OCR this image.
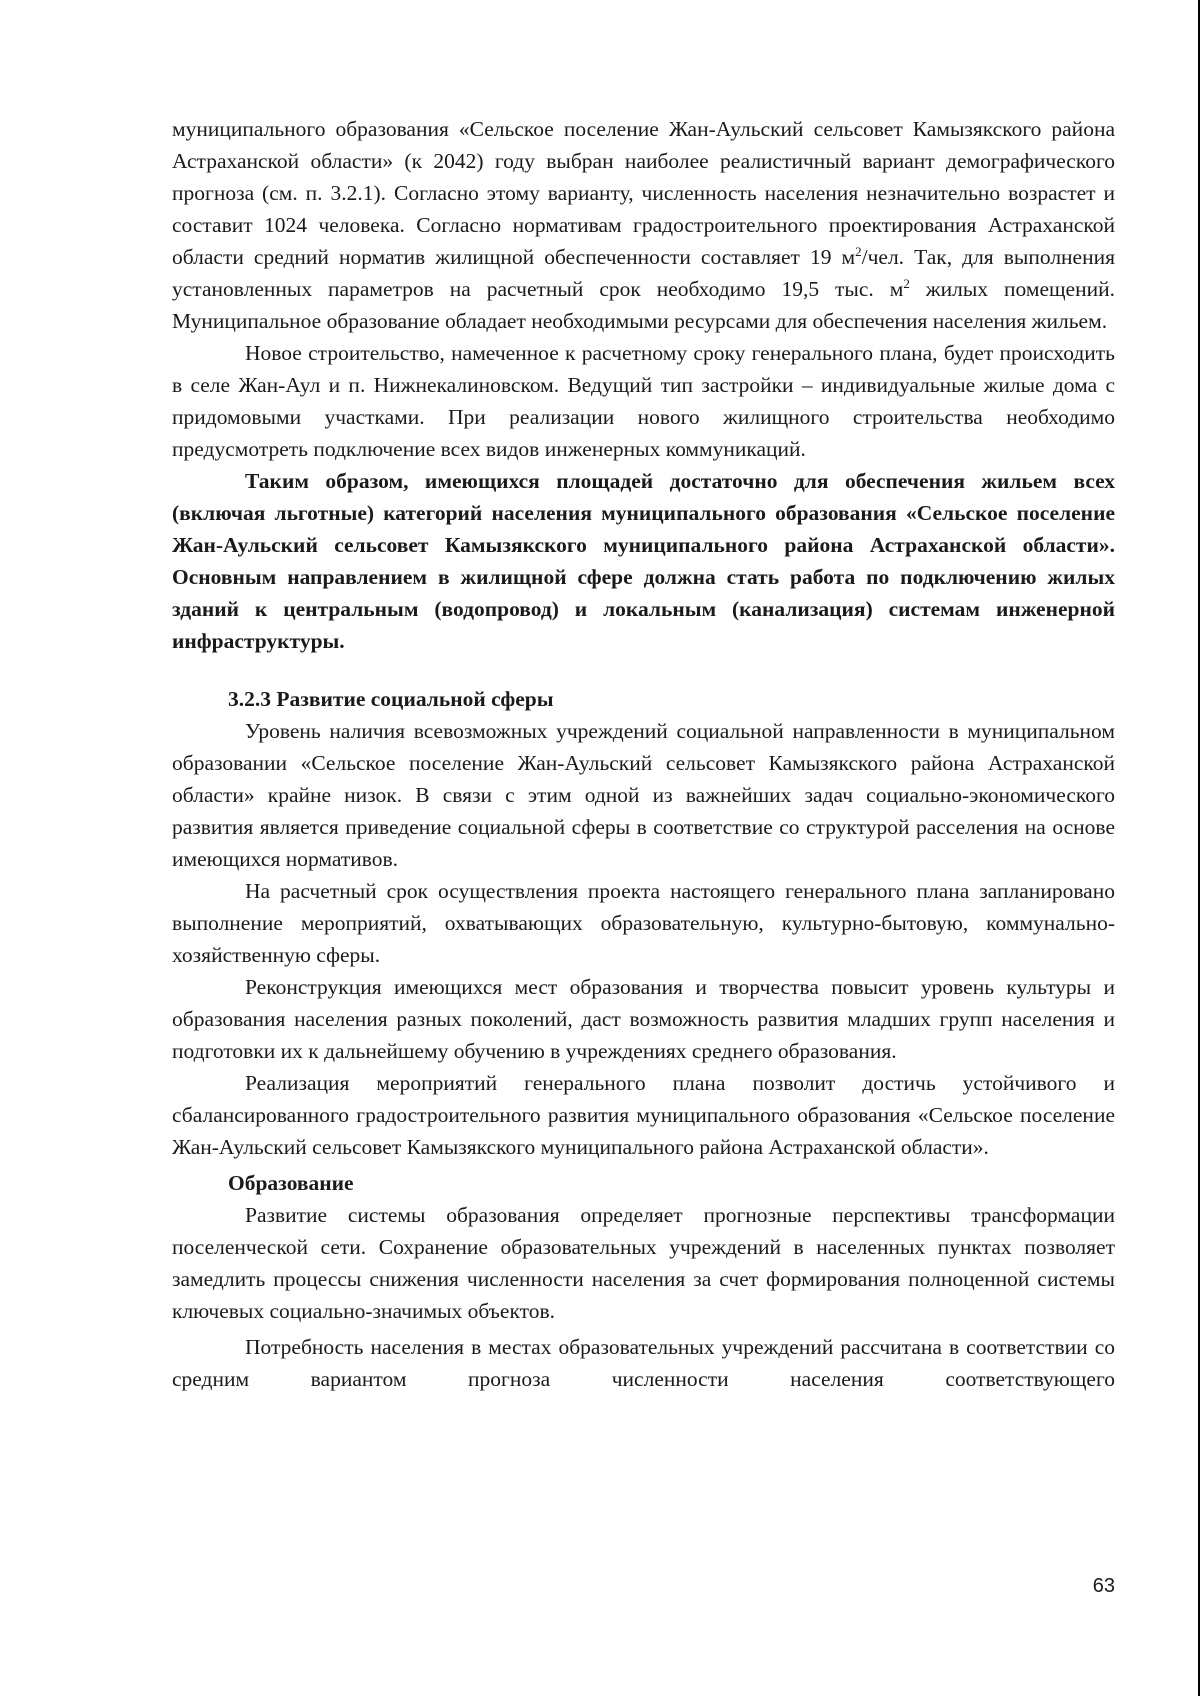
муниципального образования «Сельское поселение Жан-Аульский сельсовет Камызякского района Астраханской области» (к 2042) году выбран наиболее реалистичный вариант демографического прогноза (см. п. 3.2.1). Согласно этому варианту, численность населения незначительно возрастет и составит 1024 человека. Согласно нормативам градостроительного проектирования Астраханской области средний норматив жилищной обеспеченности составляет 19 $м^2$/чел. Так, для выполнения установленных параметров на расчетный срок необходимо 19,5 тыс. $м^2$ жилых помещений. Муниципальное образование обладает необходимыми ресурсами для обеспечения населения жильем.

Новое строительство, намеченное к расчетному сроку генерального плана, будет происходить в селе Жан-Аул и п. Нижнекалиновском. Ведущий тип застройки – индивидуальные жилые дома с придомовыми участками. При реализации нового жилищного строительства необходимо предусмотреть подключение всех видов инженерных коммуникаций.

Таким образом, имеющихся площадей достаточно для обеспечения жильем всех (включая льготные) категорий населения муниципального образования «Сельское поселение Жан-Аульский сельсовет Камызякского муниципального района Астраханской области». Основным направлением в жилищной сфере должна стать работа по подключению жилых зданий к центральным (водопровод) и локальным (канализация) системам инженерной инфраструктуры.

3.2.3 Развитие социальной сферы

Уровень наличия всевозможных учреждений социальной направленности в муниципальном образовании «Сельское поселение Жан-Аульский сельсовет Камызякского района Астраханской области» крайне низок. В связи с этим одной из важнейших задач социально-экономического развития является приведение социальной сферы в соответствие со структурой расселения на основе имеющихся нормативов.

На расчетный срок осуществления проекта настоящего генерального плана запланировано выполнение мероприятий, охватывающих образовательную, культурно-бытовую, коммунально-хозяйственную сферы.

Реконструкция имеющихся мест образования и творчества повысит уровень культуры и образования населения разных поколений, даст возможность развития младших групп населения и подготовки их к дальнейшему обучению в учреждениях среднего образования.

Реализация мероприятий генерального плана позволит достичь устойчивого и сбалансированного градостроительного развития муниципального образования «Сельское поселение Жан-Аульский сельсовет Камызякского муниципального района Астраханской области».

Образование

Развитие системы образования определяет прогнозные перспективы трансформации поселенческой сети. Сохранение образовательных учреждений в населенных пунктах позволяет замедлить процессы снижения численности населения за счет формирования полноценной системы ключевых социально-значимых объектов.

Потребность населения в местах образовательных учреждений рассчитана в соответствии со средним вариантом прогноза численности населения соответствующего

63
